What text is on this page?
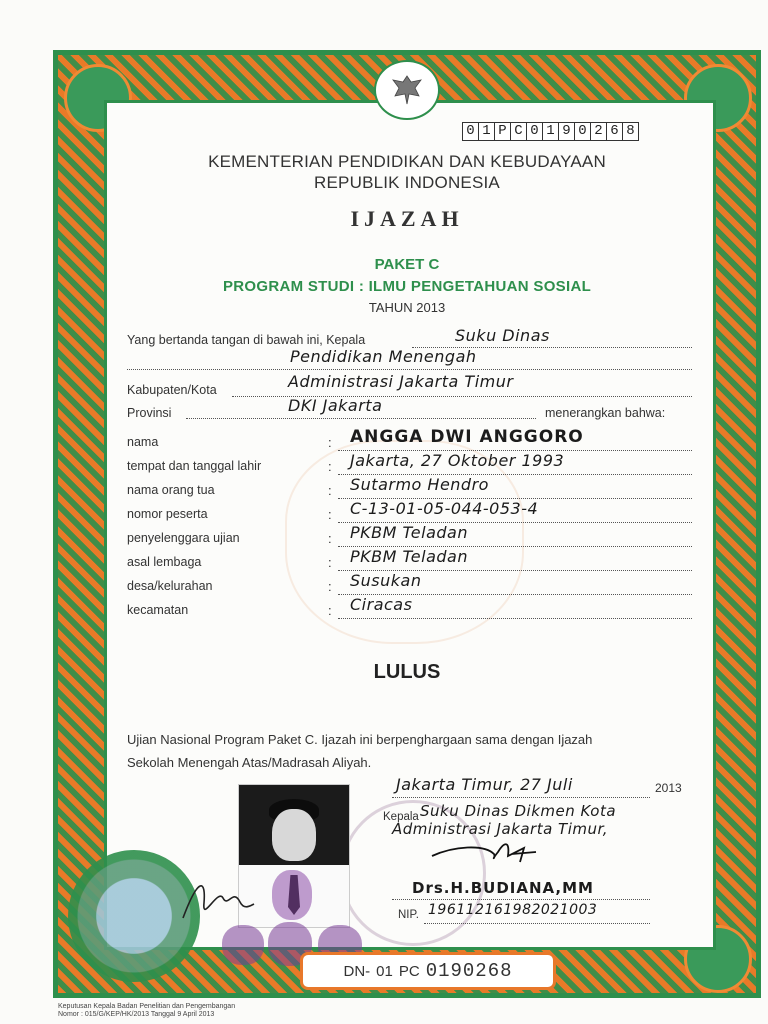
0 1 P C 0 1 9 0 2 6 8
KEMENTERIAN PENDIDIKAN DAN KEBUDAYAAN
REPUBLIK INDONESIA
IJAZAH
PAKET C
PROGRAM STUDI : ILMU PENGETAHUAN SOSIAL
TAHUN 2013
Yang bertanda tangan di bawah ini, Kepala	Suku Dinas
Pendidikan Menengah
Kabupaten/Kota	Administrasi Jakarta Timur
Provinsi	DKI Jakarta	menerangkan bahwa:
nama	: ANGGA DWI ANGGORO
tempat dan tanggal lahir	: Jakarta, 27 Oktober 1993
nama orang tua	: Sutarmo Hendro
nomor peserta	: C-13-01-05-044-053-4
penyelenggara ujian	: PKBM Teladan
asal lembaga	: PKBM Teladan
desa/kelurahan	: Susukan
kecamatan	: Ciracas
LULUS
Ujian Nasional Program Paket C. Ijazah ini berpenghargaan sama dengan Ijazah
Sekolah Menengah Atas/Madrasah Aliyah.
Jakarta Timur, 27 Juli	2013
Kepala Suku Dinas Dikmen Kota
Administrasi Jakarta Timur,
Drs.H.BUDIANA,MM
NIP. 196112161982021003
DN- 01 PC 0190268
Keputusan Kepala Badan Penelitian dan Pengembangan
Nomor : 015/G/KEP/HK/2013 Tanggal 9 April 2013
